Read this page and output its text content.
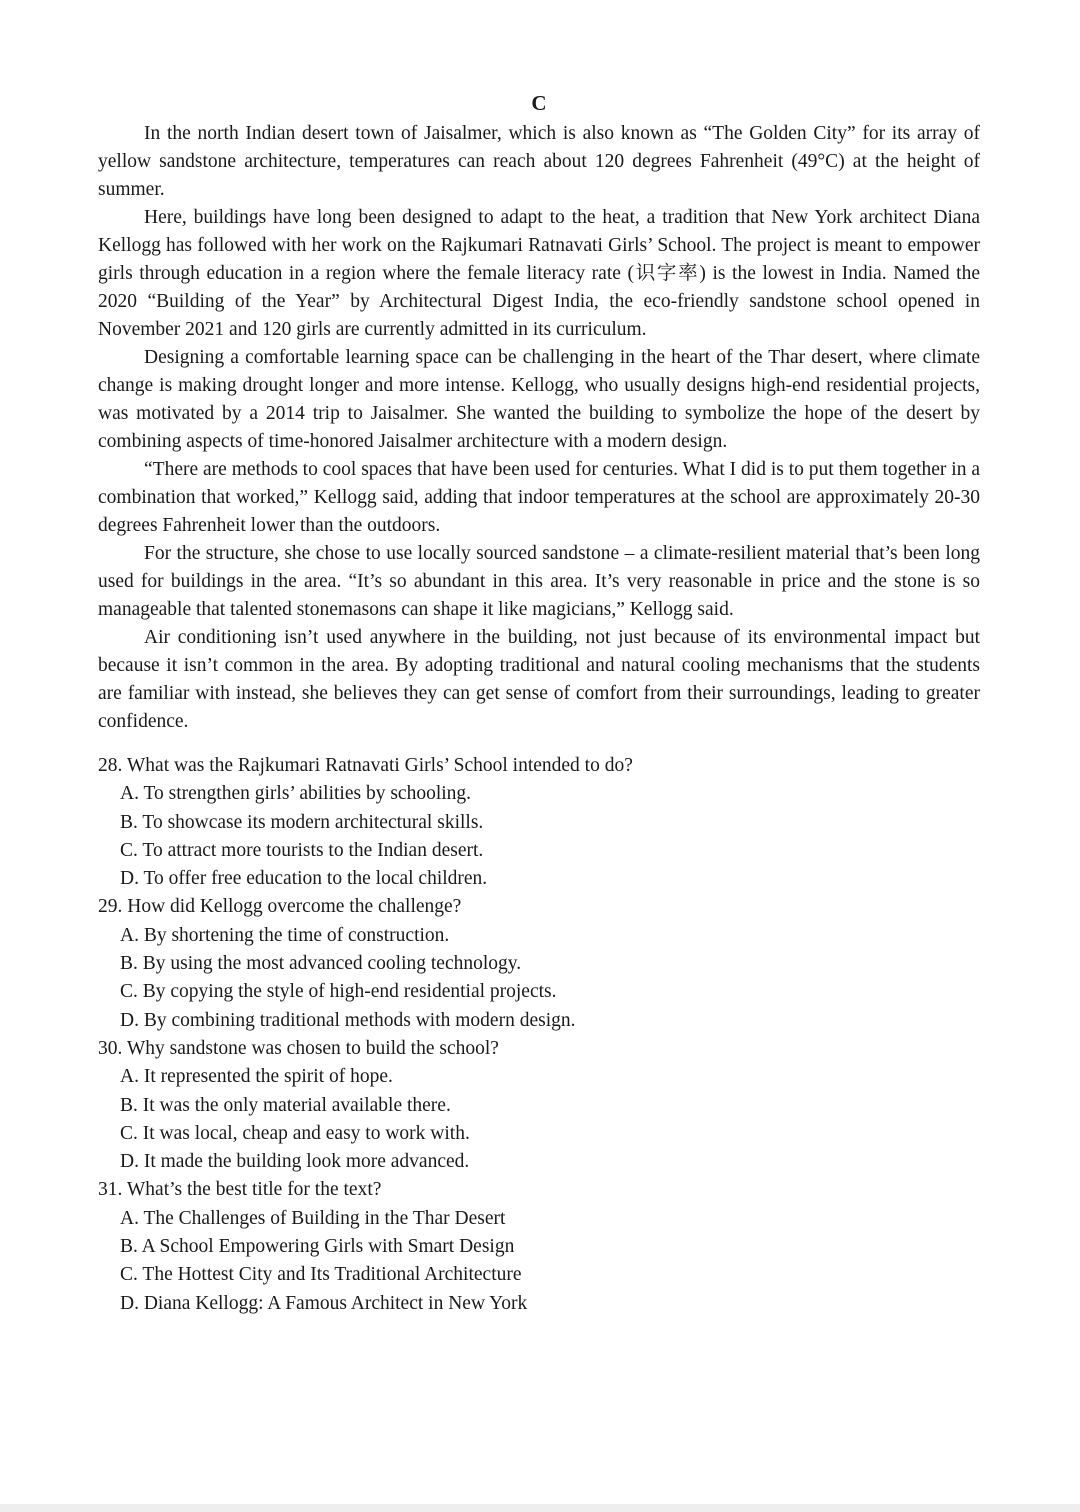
C

In the north Indian desert town of Jaisalmer, which is also known as “The Golden City” for its array of yellow sandstone architecture, temperatures can reach about 120 degrees Fahrenheit (49°C) at the height of summer.

Here, buildings have long been designed to adapt to the heat, a tradition that New York architect Diana Kellogg has followed with her work on the Rajkumari Ratnavati Girls’ School. The project is meant to empower girls through education in a region where the female literacy rate (识字率) is the lowest in India. Named the 2020 “Building of the Year” by Architectural Digest India, the eco-friendly sandstone school opened in November 2021 and 120 girls are currently admitted in its curriculum.

Designing a comfortable learning space can be challenging in the heart of the Thar desert, where climate change is making drought longer and more intense. Kellogg, who usually designs high-end residential projects, was motivated by a 2014 trip to Jaisalmer. She wanted the building to symbolize the hope of the desert by combining aspects of time-honored Jaisalmer architecture with a modern design.

“There are methods to cool spaces that have been used for centuries. What I did is to put them together in a combination that worked,” Kellogg said, adding that indoor temperatures at the school are approximately 20-30 degrees Fahrenheit lower than the outdoors.

For the structure, she chose to use locally sourced sandstone – a climate-resilient material that’s been long used for buildings in the area. “It’s so abundant in this area. It’s very reasonable in price and the stone is so manageable that talented stonemasons can shape it like magicians,” Kellogg said.

Air conditioning isn’t used anywhere in the building, not just because of its environmental impact but because it isn’t common in the area. By adopting traditional and natural cooling mechanisms that the students are familiar with instead, she believes they can get sense of comfort from their surroundings, leading to greater confidence.

28. What was the Rajkumari Ratnavati Girls’ School intended to do?

A. To strengthen girls’ abilities by schooling.

B. To showcase its modern architectural skills.

C. To attract more tourists to the Indian desert.

D. To offer free education to the local children.

29. How did Kellogg overcome the challenge?

A. By shortening the time of construction.

B. By using the most advanced cooling technology.

C. By copying the style of high-end residential projects.

D. By combining traditional methods with modern design.

30. Why sandstone was chosen to build the school?

A. It represented the spirit of hope.

B. It was the only material available there.

C. It was local, cheap and easy to work with.

D. It made the building look more advanced.

31. What’s the best title for the text?

A. The Challenges of Building in the Thar Desert

B. A School Empowering Girls with Smart Design

C. The Hottest City and Its Traditional Architecture

D. Diana Kellogg: A Famous Architect in New York
